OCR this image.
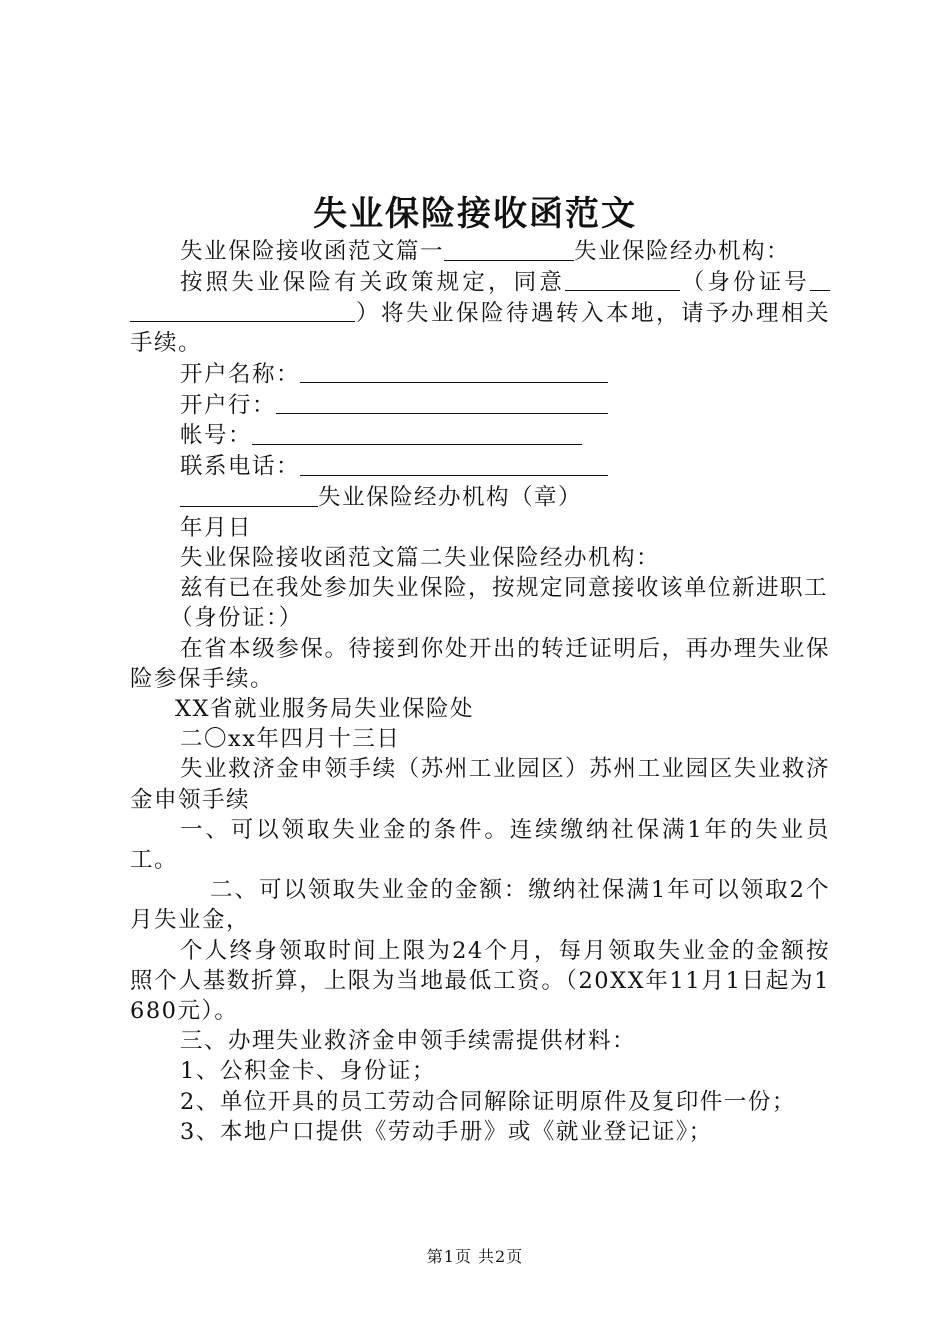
失业保险接收函范文

失业保险接收函范文篇一	失业保险经办机构：

按照失业保险有关政策规定，同意	（身份证号）将失业保险待遇转入本地，请予办理相关手续。

开户名称：

开户行：

帐号：

联系电话：

失业保险经办机构（章）

年月日

失业保险接收函范文篇二失业保险经办机构：

兹有已在我处参加失业保险，按规定同意接收该单位新进职工

（身份证：）

在省本级参保。待接到你处开出的转迁证明后，再办理失业保险参保手续。

XX省就业服务局失业保险处

二〇xx年四月十三日

失业救济金申领手续（苏州工业园区）苏州工业园区失业救济金申领手续

一、可以领取失业金的条件。连续缴纳社保满1年的失业员工。

二、可以领取失业金的金额：缴纳社保满1年可以领取2个月失业金，

个人终身领取时间上限为24个月，每月领取失业金的金额按照个人基数折算，上限为当地最低工资。（20XX年11月1日起为1680元）。

三、办理失业救济金申领手续需提供材料：

1、公积金卡、身份证；

2、单位开具的员工劳动合同解除证明原件及复印件一份；

3、本地户口提供《劳动手册》或《就业登记证》；

第1页 共2页
